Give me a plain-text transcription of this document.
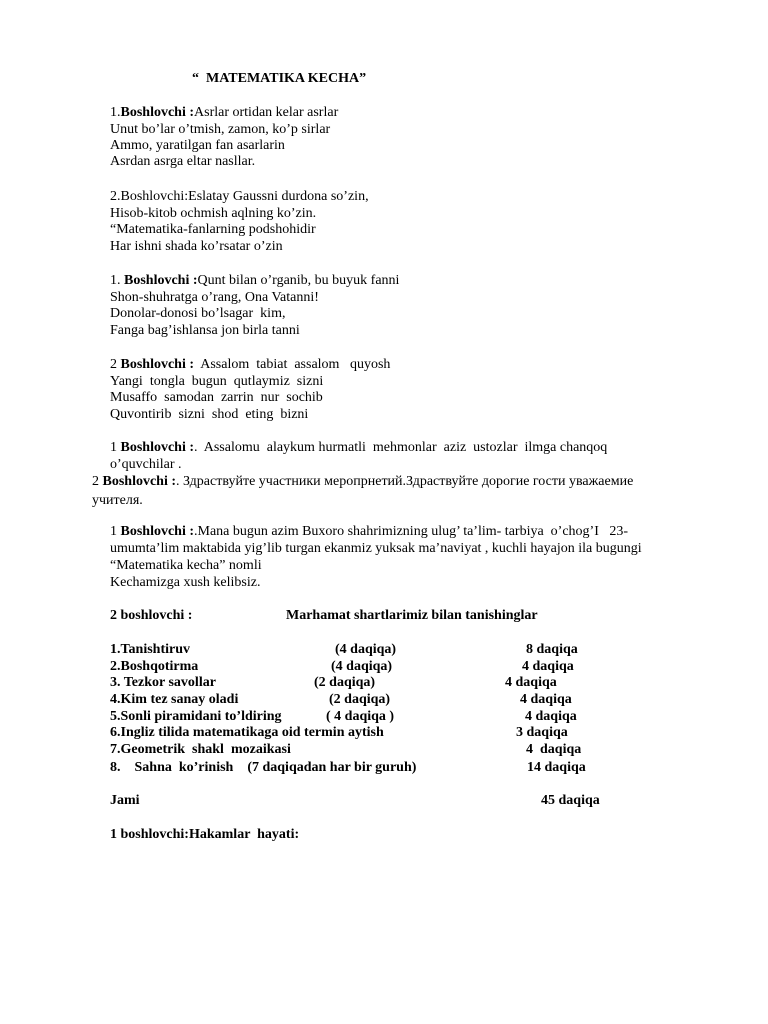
“  MATEMATIKA KECHA”
1.Boshlovchi :Asrlar ortidan kelar asrlar
Unut bo’lar o’tmish, zamon, ko’p sirlar
Ammo, yaratilgan fan asarlarin
Asrdan asrga eltar nasllar.
2.Boshlovchi:Eslatay Gaussni durdona so’zin,
Hisob-kitob ochmish aqlning ko’zin.
“Matematika-fanlarning podshohidir
Har ishni shada ko’rsatar o’zin
1. Boshlovchi :Qunt bilan o’rganib, bu buyuk fanni
Shon-shuhratga o’rang, Ona Vatanni!
Donolar-donosi bo’lsagar  kim,
Fanga bag’ishlansa jon birla tanni
2 Boshlovchi :  Assalom  tabiat  assalom   quyosh
Yangi  tongla  bugun  qutlaymiz  sizni
Musaffo  samodan  zarrin  nur  sochib
Quvontirib  sizni  shod  eting  bizni
1 Boshlovchi :.  Assalomu  alaykum hurmatli  mehmonlar  aziz  ustozlar  ilmga chanqoq
o’quvchilar .
2 Boshlovchi :. Здраствуйте участники меропрнетий.Здраствуйте дорогие гости уважаемие
учителя.
1 Boshlovchi :.Mana bugun azim Buxoro shahrimizning ulug’ ta’lim- tarbiya  o’chog’I   23-
umumta’lim maktabida yig’lib turgan ekanmiz yuksak ma’naviyat , kuchli hayajon ila bugungi
“Matematika kecha” nomli
Kechamizga xush kelibsiz.
2 boshlovchi :	Marhamat shartlarimiz bilan tanishinglar
1.Tanishtiruv	(4 daqiqa)	8 daqiqa
2.Boshqotirma	(4 daqiqa)	4 daqiqa
3. Tezkor savollar	(2 daqiqa)	4 daqiqa
4.Kim tez sanay oladi	(2 daqiqa)	4 daqiqa
5.Sonli piramidani to’ldiring	( 4 daqiqa )	4 daqiqa
6.Ingliz tilida matematikaga oid termin aytish	3 daqiqa
7.Geometrik  shakl  mozaikasi	4  daqiqa
8.    Sahna  ko’rinish    (7 daqiqadan har bir guruh)	14 daqiqa
Jami	45 daqiqa
1 boshlovchi:Hakamlar  hayati:
